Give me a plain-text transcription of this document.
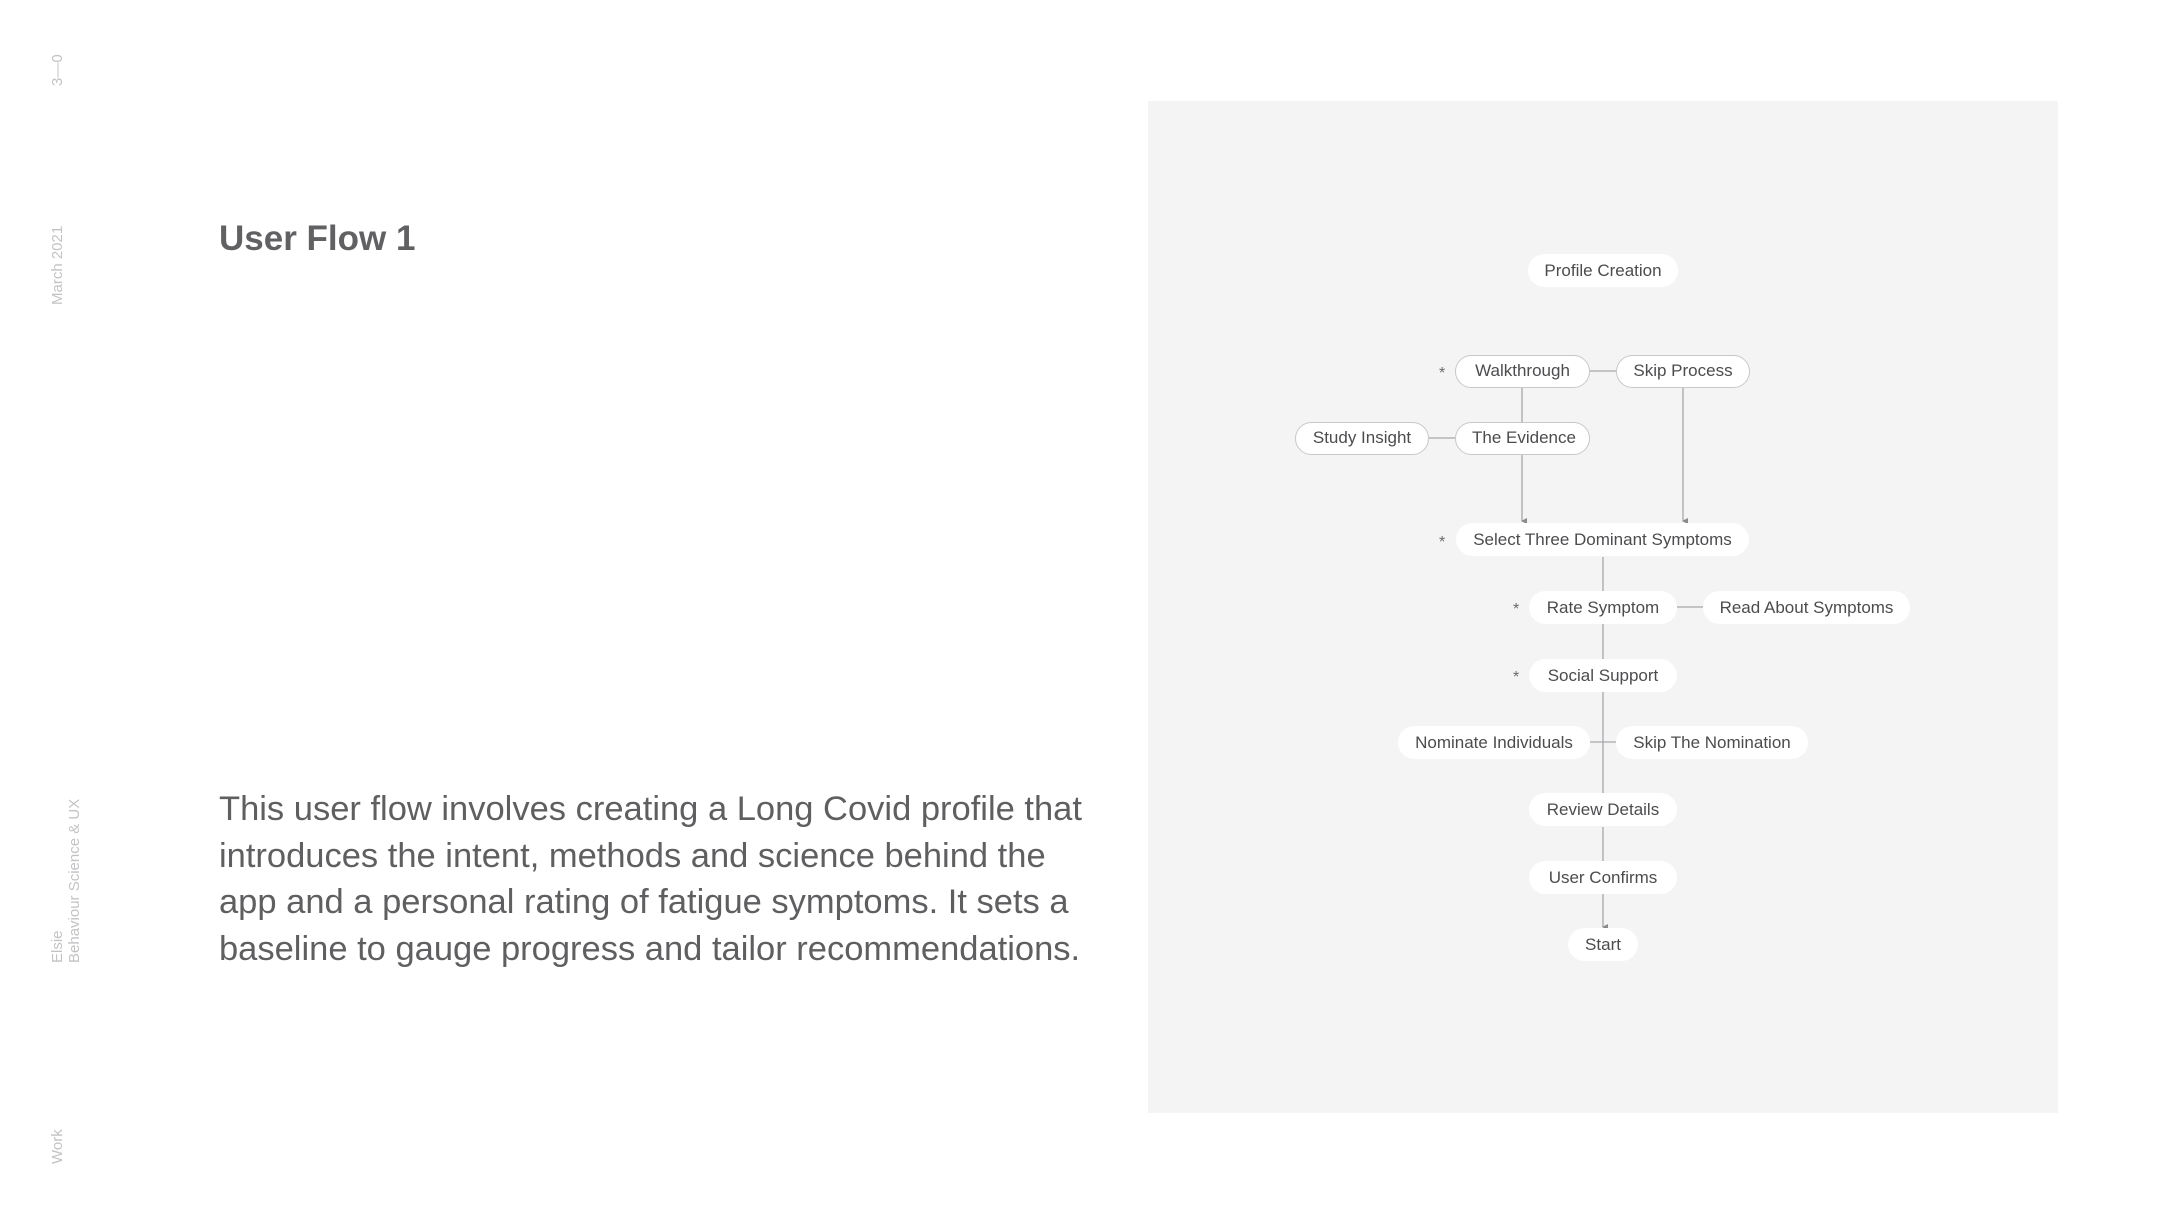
3—0
March 2021
Elsie Behaviour Science & UX
Work
User Flow 1

This user flow involves creating a Long Covid profile that introduces the intent, methods and science behind the app and a personal rating of fatigue symptoms. It sets a baseline to gauge progress and tailor recommendations.

Profile Creation
*	Walkthrough	Skip Process
Study Insight	The Evidence
*	Select Three Dominant Symptoms
*	Rate Symptom	Read About Symptoms
*	Social Support
Nominate Individuals	Skip The Nomination
Review Details
User Confirms
Start
